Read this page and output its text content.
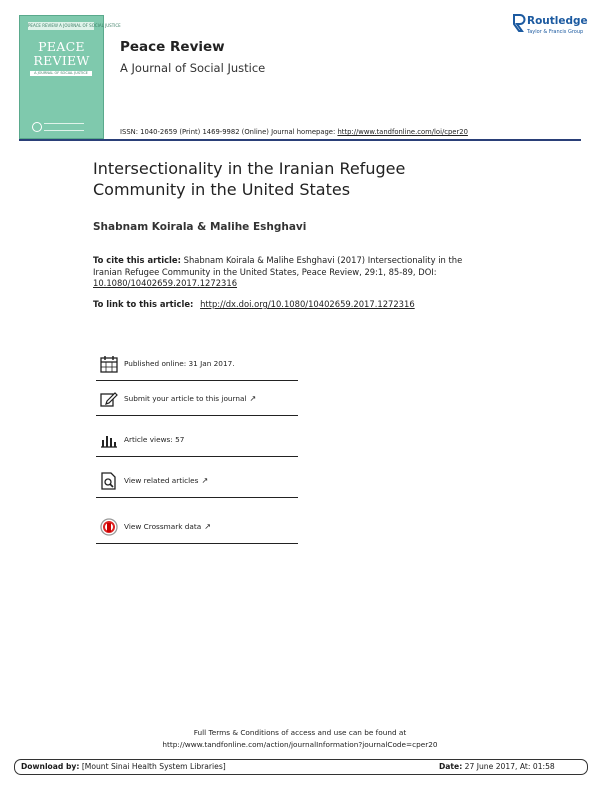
PEACE REVIEW A JOURNAL OF SOCIAL JUSTICE
PEACE
REVIEW
A JOURNAL OF SOCIAL JUSTICE
Peace Review
A Journal of Social Justice
Routledge
Taylor & Francis Group
ISSN: 1040-2659 (Print) 1469-9982 (Online) Journal homepage: http://www.tandfonline.com/loi/cper20
Intersectionality in the Iranian Refugee Community in the United States
Shabnam Koirala & Malihe Eshghavi
To cite this article: Shabnam Koirala & Malihe Eshghavi (2017) Intersectionality in the Iranian Refugee Community in the United States, Peace Review, 29:1, 85-89, DOI: 10.1080/10402659.2017.1272316
To link to this article: http://dx.doi.org/10.1080/10402659.2017.1272316
Published online: 31 Jan 2017.
Submit your article to this journal ↗
Article views: 57
View related articles ↗
View Crossmark data ↗
Full Terms & Conditions of access and use can be found at
http://www.tandfonline.com/action/journalInformation?journalCode=cper20
Download by: [Mount Sinai Health System Libraries]	Date: 27 June 2017, At: 01:58
